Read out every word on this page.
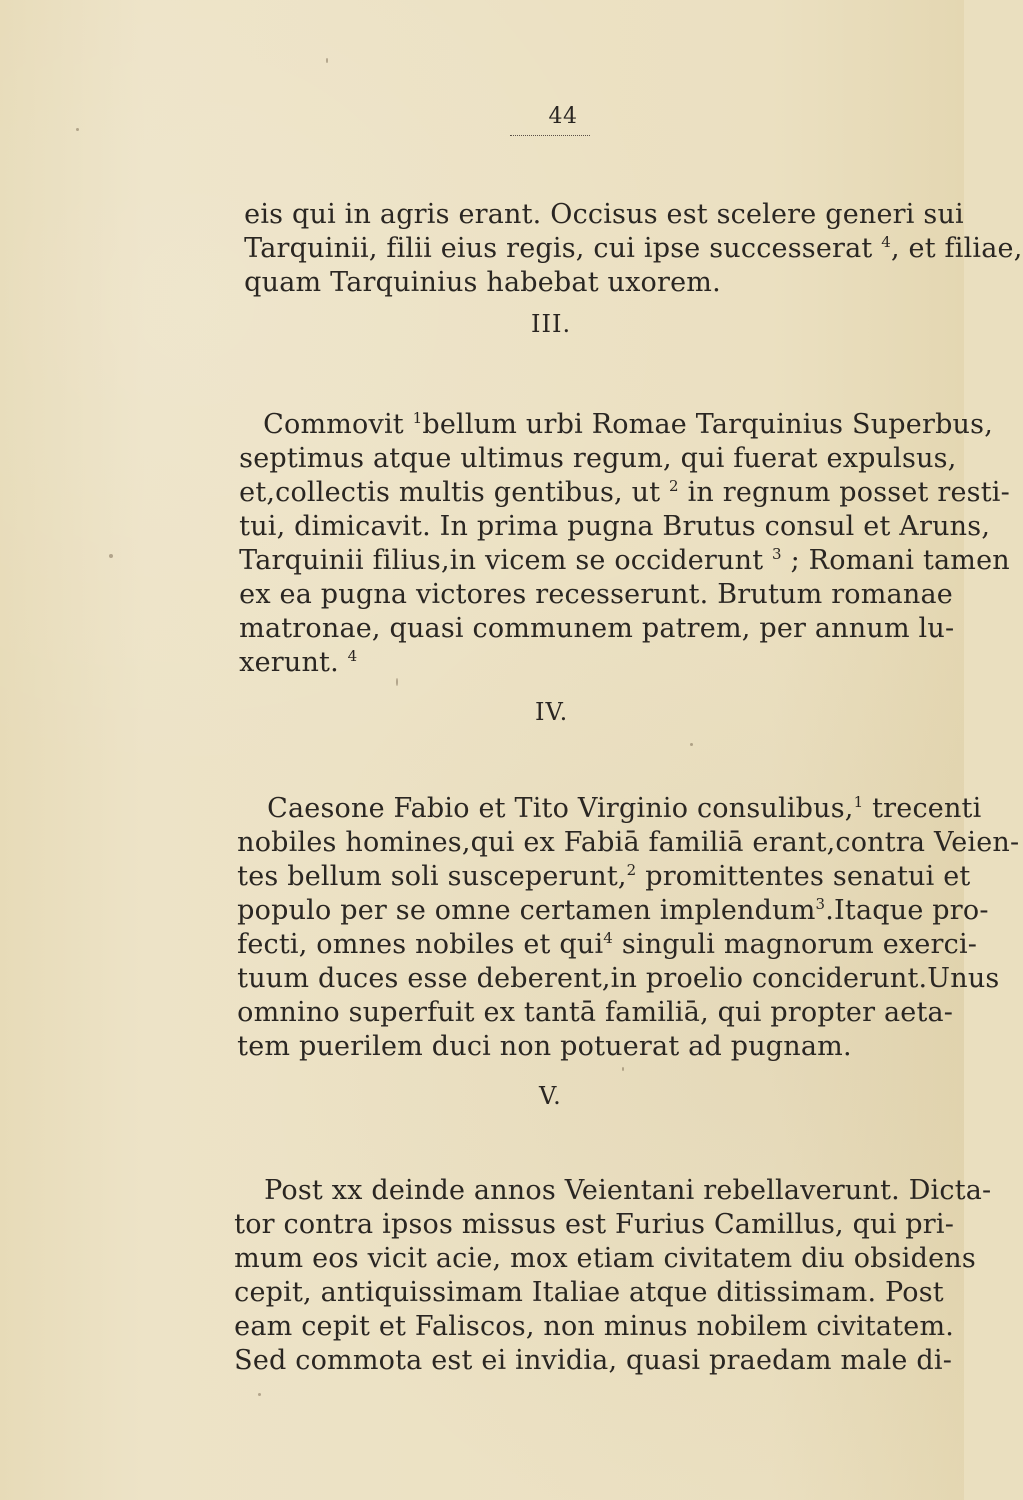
44

eis qui in agris erant. Occisus est scelere generi sui

Tarquinii, filii eius regis, cui ipse successerat $^4$, et filiae,

quam Tarquinius habebat uxorem.

III.

Commovit $^1$bellum urbi Romae Tarquinius Superbus,

septimus atque ultimus regum, qui fuerat expulsus,

et,collectis multis gentibus, ut $^2$ in regnum posset resti-

tui, dimicavit. In prima pugna Brutus consul et Aruns,

Tarquinii filius,in vicem se occiderunt $^3$ ; Romani tamen

ex ea pugna victores recesserunt. Brutum romanae

matronae, quasi communem patrem, per annum lu-

xerunt. $^4$

IV.

Caesone Fabio et Tito Virginio consulibus,$^1$ trecenti

nobiles homines,qui ex Fabiā familiā erant,contra Veien-

tes bellum soli susceperunt,$^2$ promittentes senatui et

populo per se omne certamen implendum$^3$.Itaque pro-

fecti, omnes nobiles et qui$^4$ singuli magnorum exerci-

tuum duces esse deberent,in proelio conciderunt.Unus

omnino superfuit ex tantā familiā, qui propter aeta-

tem puerilem duci non potuerat ad pugnam.

V.

Post xx deinde annos Veientani rebellaverunt. Dicta-

tor contra ipsos missus est Furius Camillus, qui pri-

mum eos vicit acie, mox etiam civitatem diu obsidens

cepit, antiquissimam Italiae atque ditissimam. Post

eam cepit et Faliscos, non minus nobilem civitatem.

Sed commota est ei invidia, quasi praedam male di-
